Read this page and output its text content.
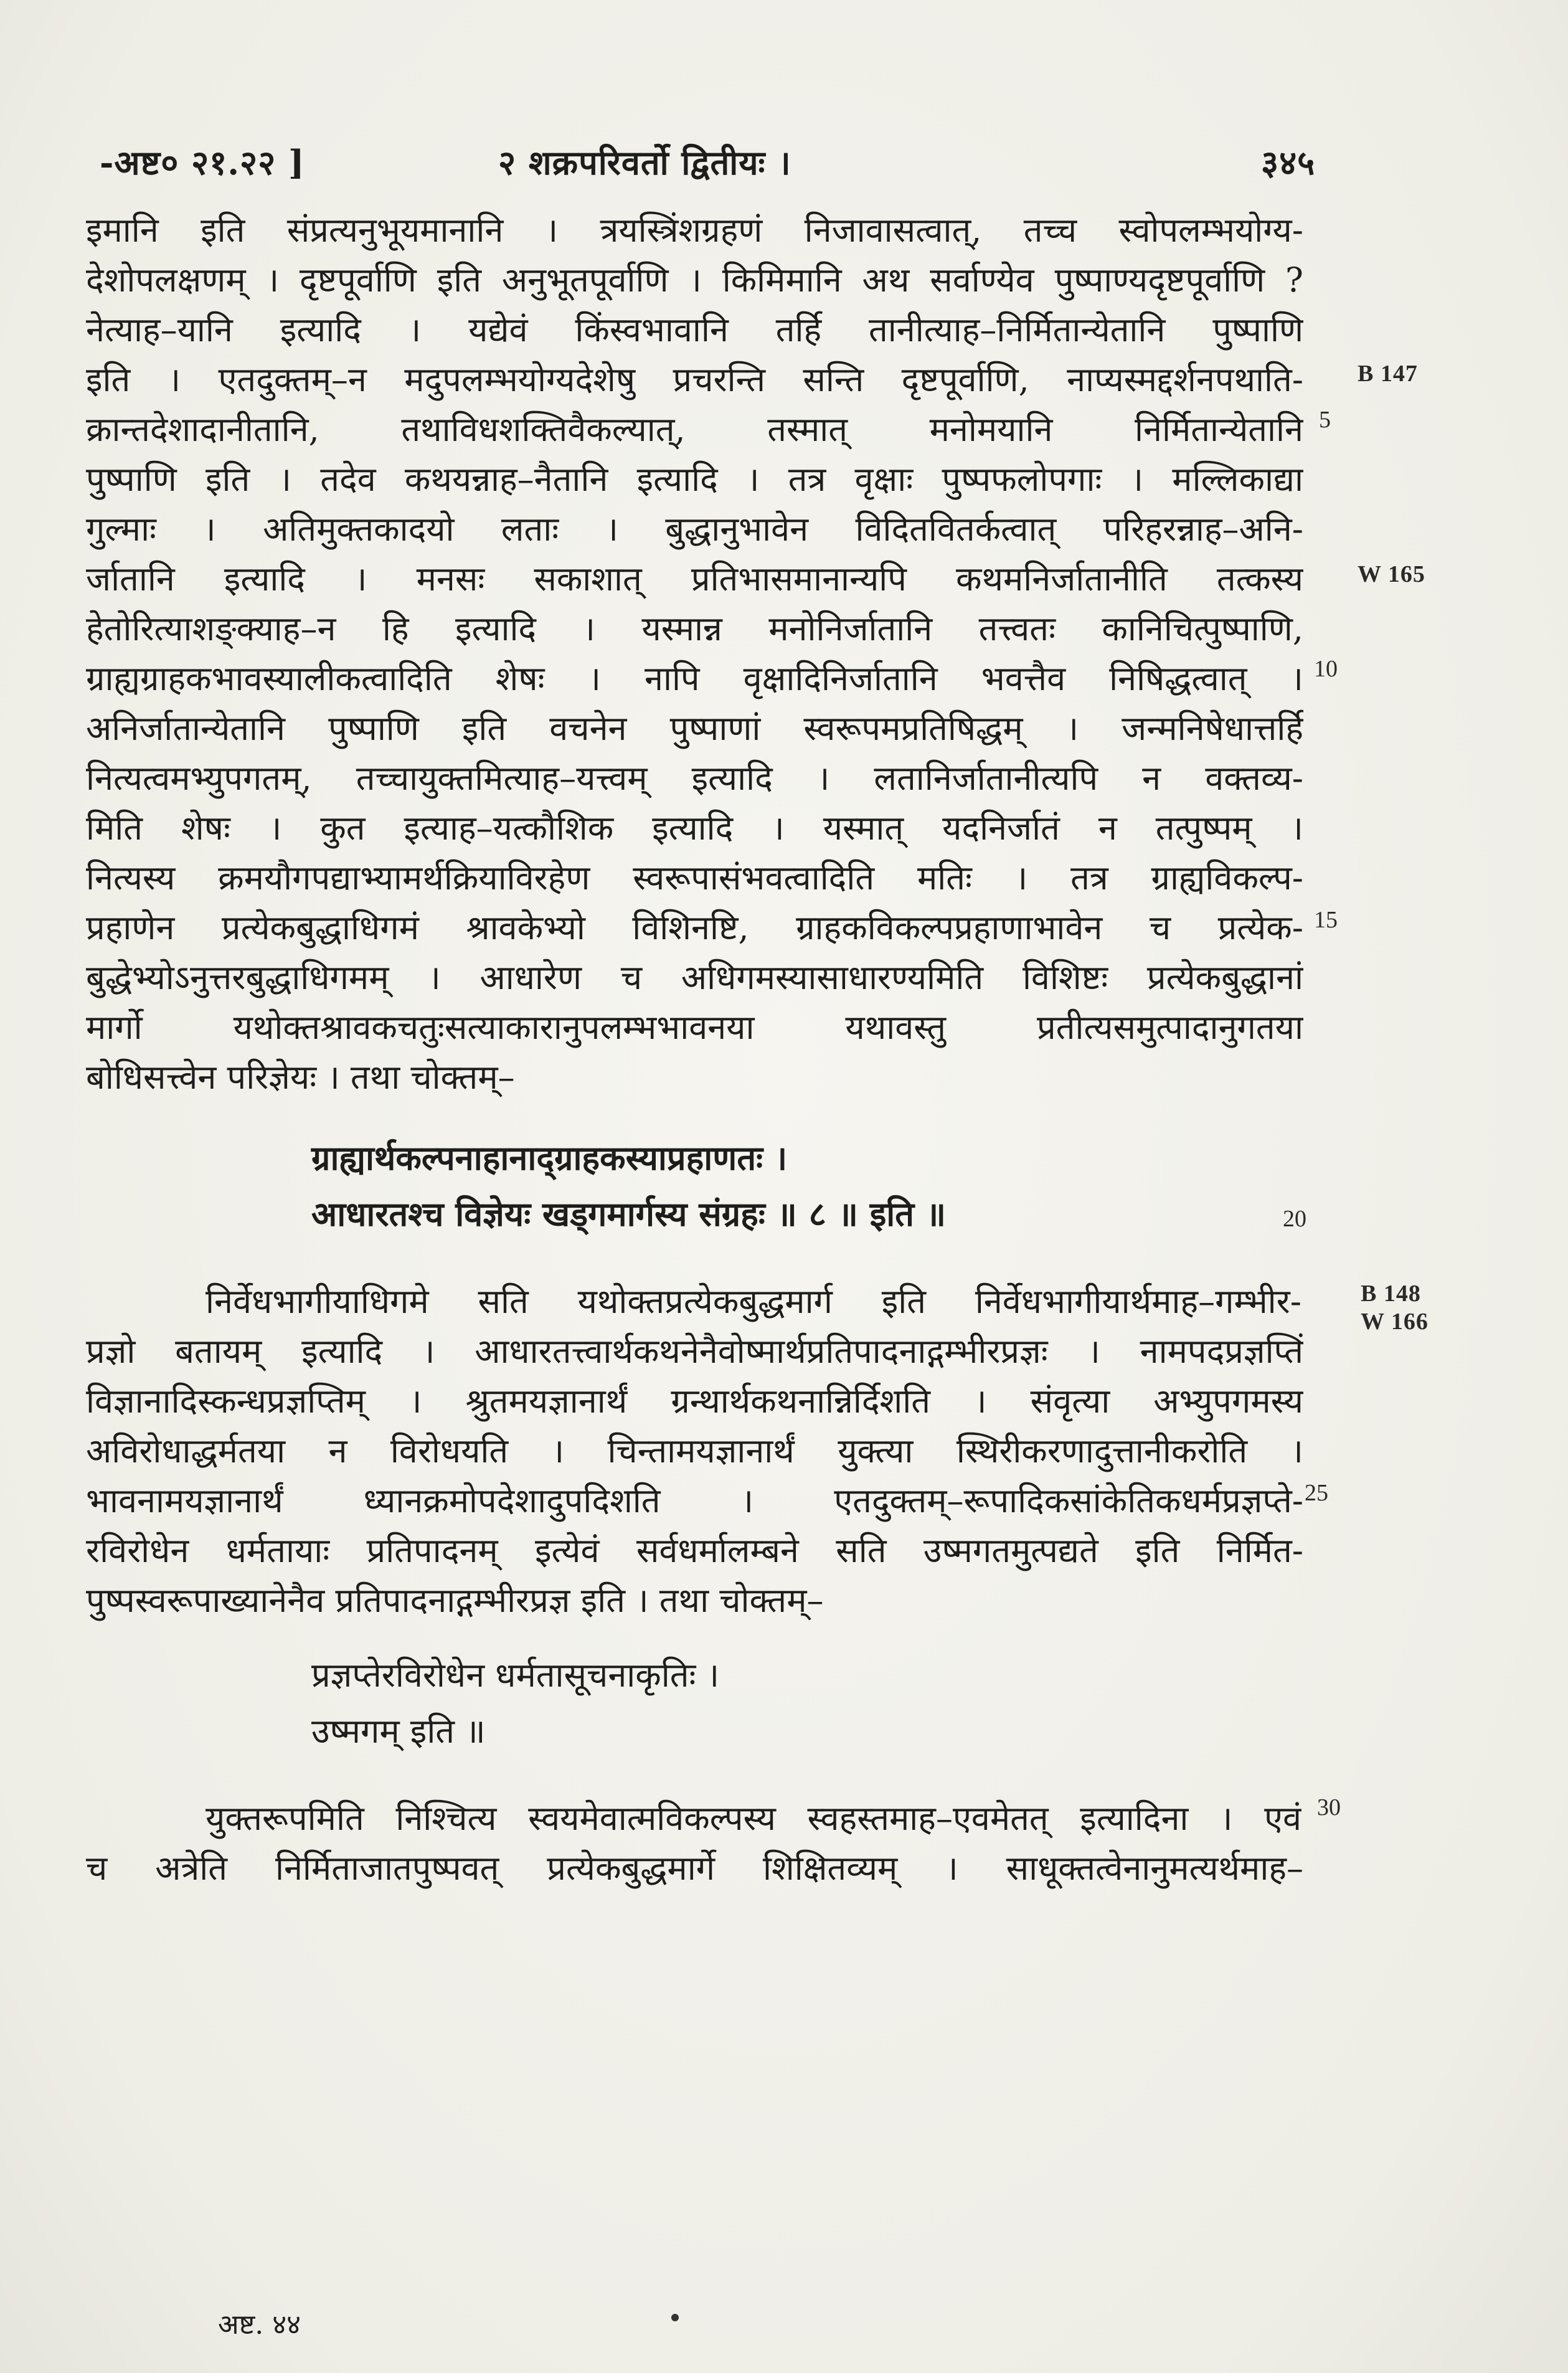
-अष्ट० २१.२२ ]	२ शक्रपरिवर्तो द्वितीयः ।	३४५
इमानि इति संप्रत्यनुभूयमानानि । त्रयस्त्रिंशग्रहणं निजावासत्वात्, तच्च स्वोपलम्भयोग्य-
देशोपलक्षणम् । दृष्टपूर्वाणि इति अनुभूतपूर्वाणि । किमिमानि अथ सर्वाण्येव पुष्पाण्यदृष्टपूर्वाणि ?
नेत्याह–यानि इत्यादि । यद्येवं किंस्वभावानि तर्हि तानीत्याह–निर्मितान्येतानि पुष्पाणि
इति । एतदुक्तम्–न मदुपलम्भयोग्यदेशेषु प्रचरन्ति सन्ति दृष्टपूर्वाणि, नाप्यस्मद्दर्शनपथाति-
क्रान्तदेशादानीतानि, तथाविधशक्तिवैकल्यात्, तस्मात् मनोमयानि निर्मितान्येतानि
पुष्पाणि इति । तदेव कथयन्नाह–नैतानि इत्यादि । तत्र वृक्षाः पुष्पफलोपगाः । मल्लिकाद्या
गुल्माः । अतिमुक्तकादयो लताः । बुद्धानुभावेन विदितवितर्कत्वात् परिहरन्नाह–अनि-
र्जातानि इत्यादि । मनसः सकाशात् प्रतिभासमानान्यपि कथमनिर्जातानीति तत्कस्य
हेतोरित्याशङ्क्याह–न हि इत्यादि । यस्मान्न मनोनिर्जातानि तत्त्वतः कानिचित्पुष्पाणि,
ग्राह्यग्राहकभावस्यालीकत्वादिति शेषः । नापि वृक्षादिनिर्जातानि भवत्तैव निषिद्धत्वात् ।
अनिर्जातान्येतानि पुष्पाणि इति वचनेन पुष्पाणां स्वरूपमप्रतिषिद्धम् । जन्मनिषेधात्तर्हि
नित्यत्वमभ्युपगतम्, तच्चायुक्तमित्याह–यत्त्वम् इत्यादि । लतानिर्जातानीत्यपि न वक्तव्य-
मिति शेषः । कुत इत्याह–यत्कौशिक इत्यादि । यस्मात् यदनिर्जातं न तत्पुष्पम् ।
नित्यस्य क्रमयौगपद्याभ्यामर्थक्रियाविरहेण स्वरूपासंभवत्वादिति मतिः । तत्र ग्राह्यविकल्प-
प्रहाणेन प्रत्येकबुद्धाधिगमं श्रावकेभ्यो विशिनष्टि, ग्राहकविकल्पप्रहाणाभावेन च प्रत्येक-
बुद्धेभ्योऽनुत्तरबुद्धाधिगमम् । आधारेण च अधिगमस्यासाधारण्यमिति विशिष्टः प्रत्येकबुद्धानां
मार्गो यथोक्तश्रावकचतुःसत्याकारानुपलम्भभावनया यथावस्तु प्रतीत्यसमुत्पादानुगतया
बोधिसत्त्वेन परिज्ञेयः । तथा चोक्तम्–
ग्राह्यार्थकल्पनाहानाद्ग्राहकस्याप्रहाणतः ।
आधारतश्च विज्ञेयः खड्गमार्गस्य संग्रहः ॥ ८ ॥ इति ॥
निर्वेधभागीयाधिगमे सति यथोक्तप्रत्येकबुद्धमार्ग इति निर्वेधभागीयार्थमाह–गम्भीर-
प्रज्ञो बतायम् इत्यादि । आधारतत्त्वार्थकथनेनैवोष्मार्थप्रतिपादनाद्गम्भीरप्रज्ञः । नामपदप्रज्ञप्तिं
विज्ञानादिस्कन्धप्रज्ञप्तिम् । श्रुतमयज्ञानार्थं ग्रन्थार्थकथनान्निर्दिशति । संवृत्या अभ्युपगमस्य
अविरोधाद्धर्मतया न विरोधयति । चिन्तामयज्ञानार्थं युक्त्या स्थिरीकरणादुत्तानीकरोति ।
भावनामयज्ञानार्थं ध्यानक्रमोपदेशादुपदिशति । एतदुक्तम्–रूपादिकसांकेतिकधर्मप्रज्ञप्ते-
रविरोधेन धर्मतायाः प्रतिपादनम् इत्येवं सर्वधर्मालम्बने सति उष्मगतमुत्पद्यते इति निर्मित-
पुष्पस्वरूपाख्यानेनैव प्रतिपादनाद्गम्भीरप्रज्ञ इति । तथा चोक्तम्–
प्रज्ञप्तेरविरोधेन धर्मतासूचनाकृतिः ।
उष्मगम् इति ॥
युक्तरूपमिति निश्चित्य स्वयमेवात्मविकल्पस्य स्वहस्तमाह–एवमेतत् इत्यादिना । एवं
च अत्रेति निर्मिताजातपुष्पवत् प्रत्येकबुद्धमार्गे शिक्षितव्यम् । साधूक्तत्वेनानुमत्यर्थमाह–
5
10
15
20
25
30
B 147
W 165
B 148
W 166
अष्ट. ४४
